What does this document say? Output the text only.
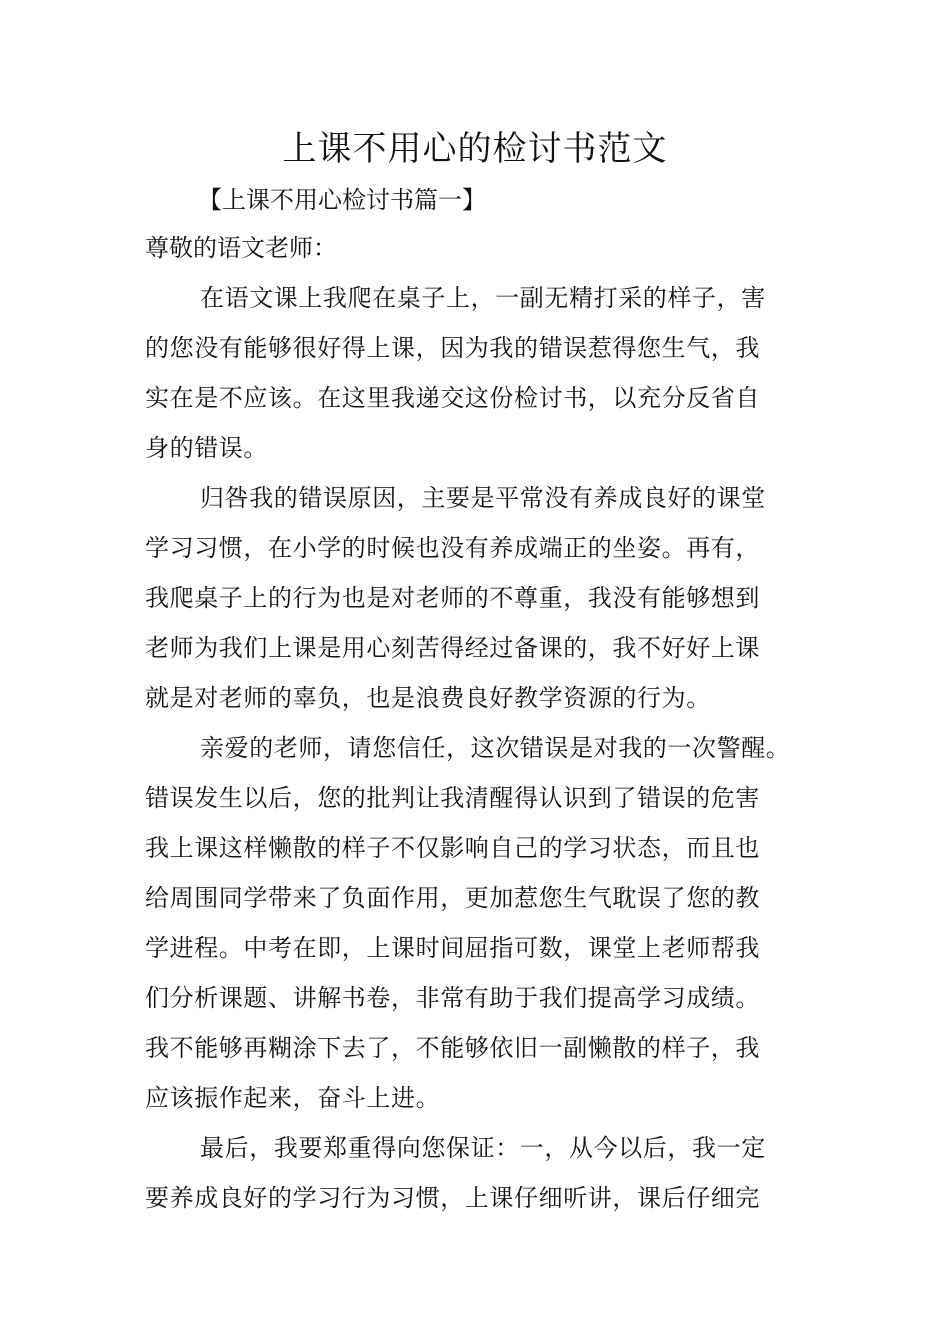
上课不用心的检讨书范文

【上课不用心检讨书篇一】

尊敬的语文老师：

在语文课上我爬在桌子上，一副无精打采的样子，害

的您没有能够很好得上课，因为我的错误惹得您生气，我

实在是不应该。在这里我递交这份检讨书，以充分反省自

身的错误。

归咎我的错误原因，主要是平常没有养成良好的课堂

学习习惯，在小学的时候也没有养成端正的坐姿。再有，

我爬桌子上的行为也是对老师的不尊重，我没有能够想到

老师为我们上课是用心刻苦得经过备课的，我不好好上课

就是对老师的辜负，也是浪费良好教学资源的行为。

亲爱的老师，请您信任，这次错误是对我的一次警醒。

错误发生以后，您的批判让我清醒得认识到了错误的危害

我上课这样懒散的样子不仅影响自己的学习状态，而且也

给周围同学带来了负面作用，更加惹您生气耽误了您的教

学进程。中考在即，上课时间屈指可数，课堂上老师帮我

们分析课题、讲解书卷，非常有助于我们提高学习成绩。

我不能够再糊涂下去了，不能够依旧一副懒散的样子，我

应该振作起来，奋斗上进。

最后，我要郑重得向您保证：一，从今以后，我一定

要养成良好的学习行为习惯，上课仔细听讲，课后仔细完
